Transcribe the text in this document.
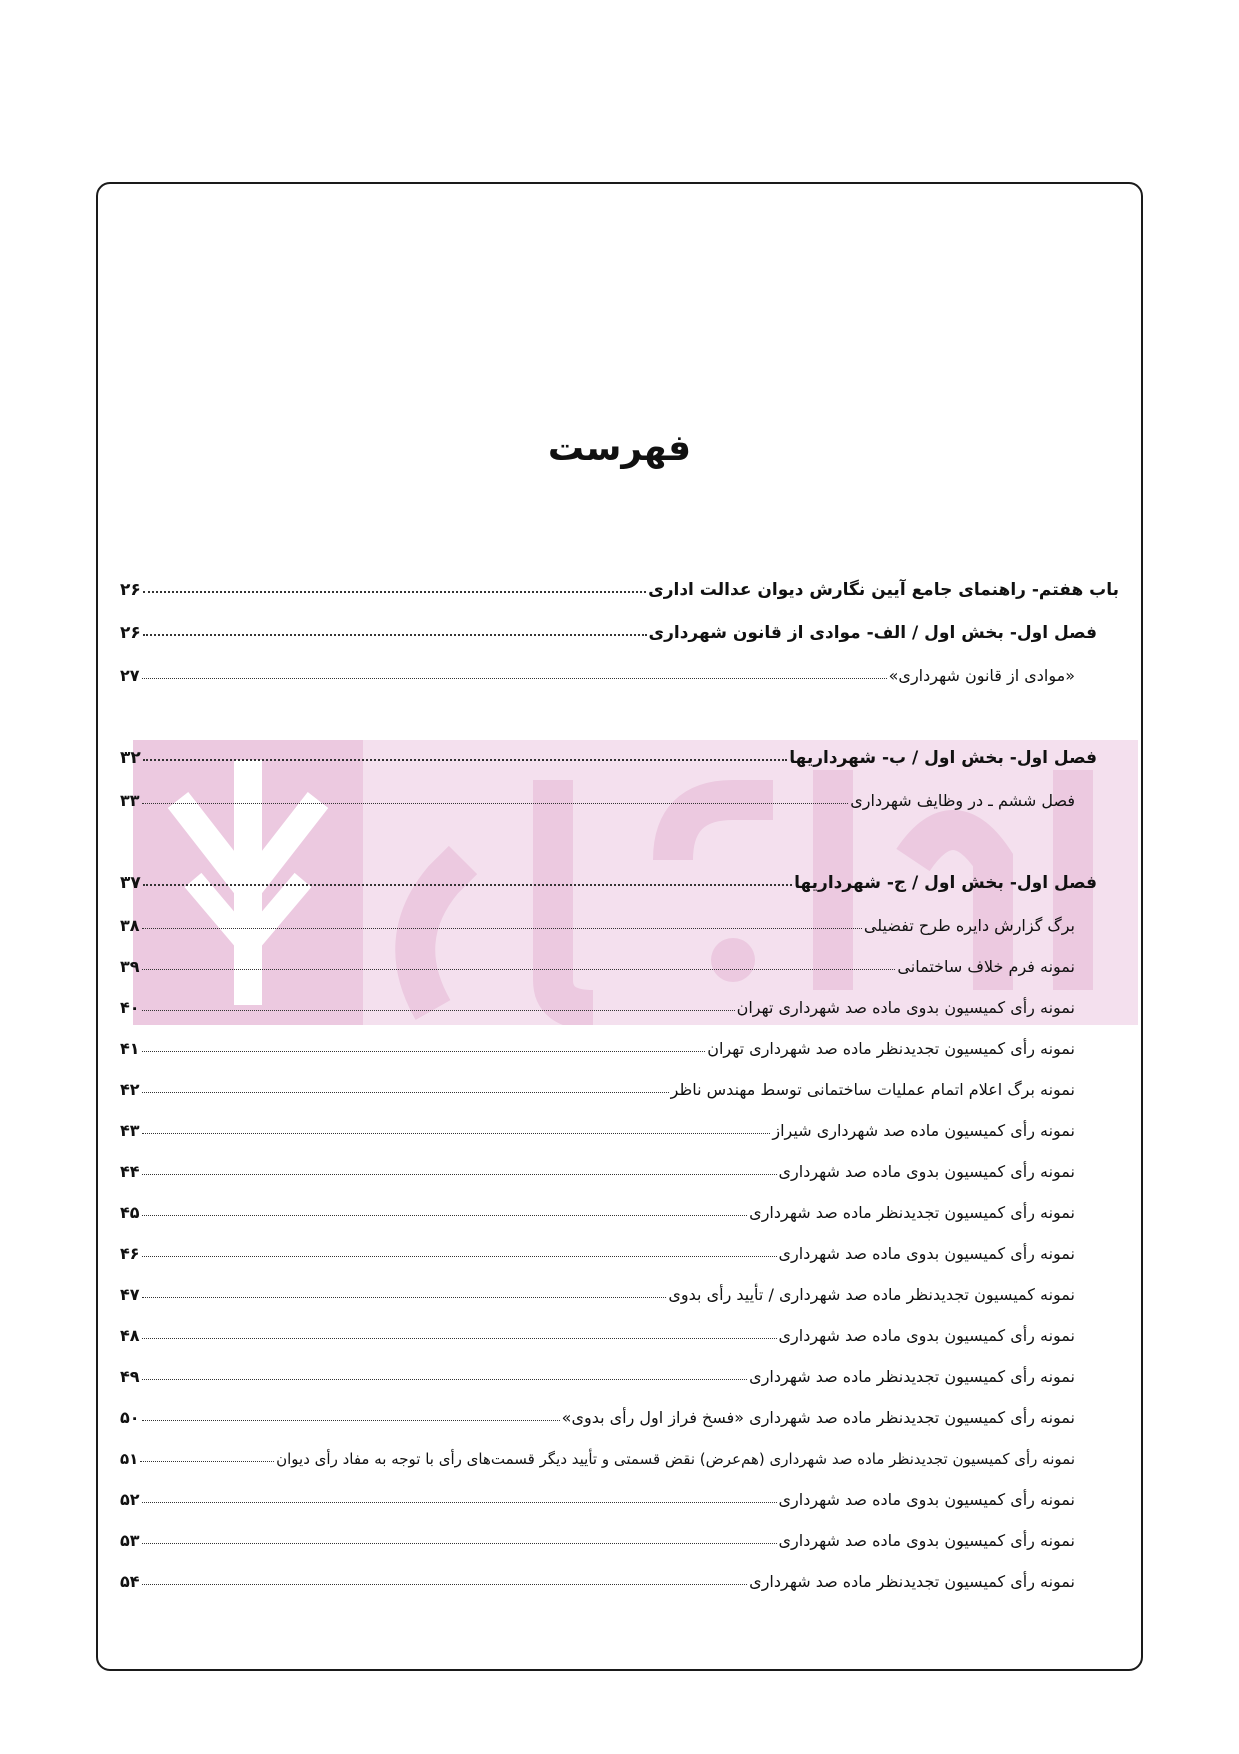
فهرست
باب هفتم- راهنمای جامع آیین نگارش دیوان عدالت اداری
۲۶
فصل اول- بخش اول / الف- موادی از قانون شهرداری
۲۶
«موادی از قانون شهرداری»
۲۷
فصل اول- بخش اول / ب- شهرداریها
۳۲
فصل ششم ـ در وظایف شهرداری
۳۳
فصل اول- بخش اول / ج- شهرداریها
۳۷
برگ گزارش دایره طرح تفضیلی
۳۸
نمونه فرم خلاف ساختمانی
۳۹
نمونه رأی کمیسیون بدوی ماده صد شهرداری تهران
۴۰
نمونه رأی کمیسیون تجدیدنظر ماده صد شهرداری تهران
۴۱
نمونه برگ اعلام اتمام عملیات ساختمانی توسط مهندس ناظر
۴۲
نمونه رأی کمیسیون ماده صد شهرداری شیراز
۴۳
نمونه رأی کمیسیون بدوی ماده صد شهرداری
۴۴
نمونه رأی کمیسیون تجدیدنظر ماده صد شهرداری
۴۵
نمونه رأی کمیسیون بدوی ماده صد شهرداری
۴۶
نمونه کمیسیون تجدیدنظر ماده صد شهرداری / تأیید رأی بدوی
۴۷
نمونه رأی کمیسیون بدوی ماده صد شهرداری
۴۸
نمونه رأی کمیسیون تجدیدنظر ماده صد شهرداری
۴۹
نمونه رأی کمیسیون تجدیدنظر ماده صد شهرداری «فسخ فراز اول رأی بدوی»
۵۰
نمونه رأی کمیسیون تجدیدنظر ماده صد شهرداری (هم‌عرض) نقض قسمتی و تأیید دیگر قسمت‌های رأی با توجه به مفاد رأی دیوان
۵۱
نمونه رأی کمیسیون بدوی ماده صد شهرداری
۵۲
نمونه رأی کمیسیون بدوی ماده صد شهرداری
۵۳
نمونه رأی کمیسیون تجدیدنظر ماده صد شهرداری
۵۴
